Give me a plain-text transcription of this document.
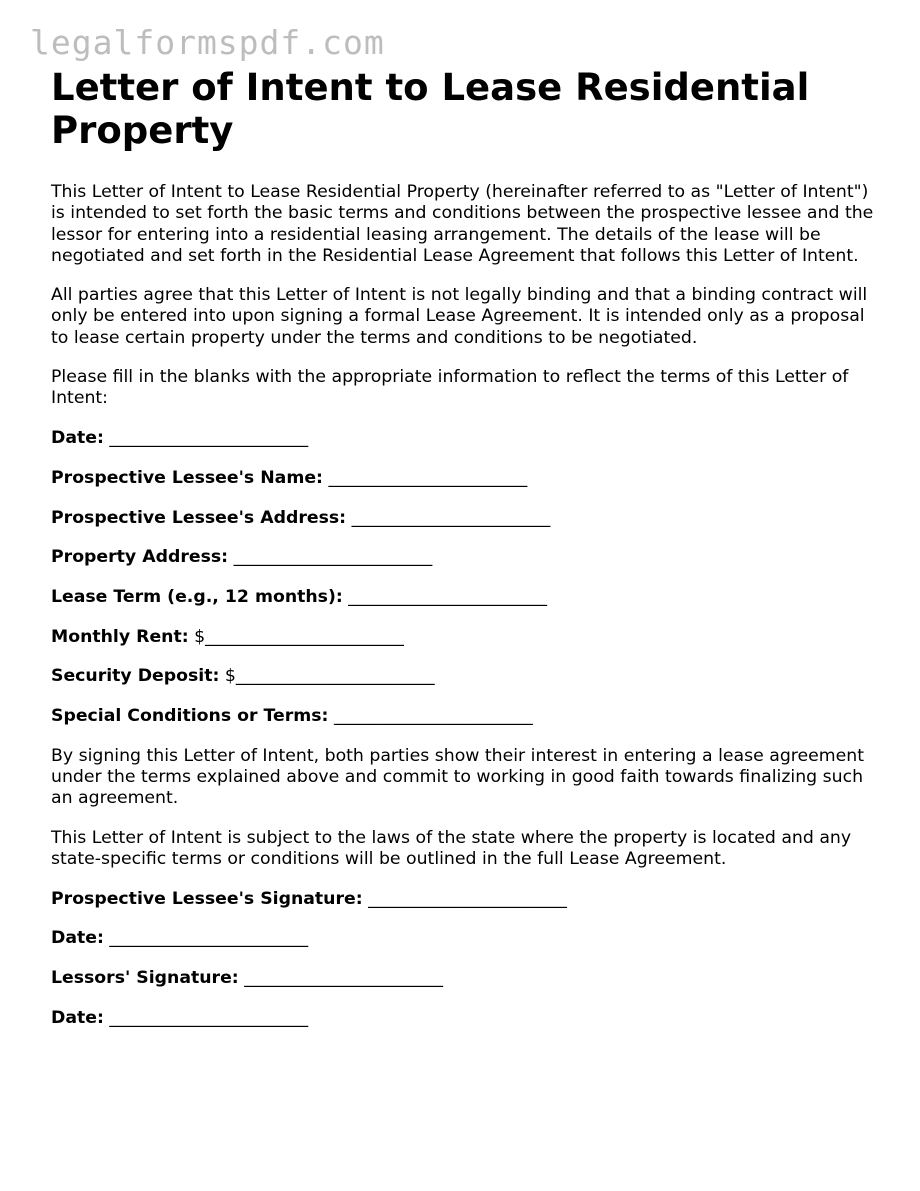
legalformspdf.com
Letter of Intent to Lease Residential Property

This Letter of Intent to Lease Residential Property (hereinafter referred to as "Letter of Intent") is intended to set forth the basic terms and conditions between the prospective lessee and the lessor for entering into a residential leasing arrangement. The details of the lease will be negotiated and set forth in the Residential Lease Agreement that follows this Letter of Intent.

All parties agree that this Letter of Intent is not legally binding and that a binding contract will only be entered into upon signing a formal Lease Agreement. It is intended only as a proposal to lease certain property under the terms and conditions to be negotiated.

Please fill in the blanks with the appropriate information to reflect the terms of this Letter of Intent:

Date: _______________________
Prospective Lessee's Name: _______________________
Prospective Lessee's Address: _______________________
Property Address: _______________________
Lease Term (e.g., 12 months): _______________________
Monthly Rent: $_______________________
Security Deposit: $_______________________
Special Conditions or Terms: _______________________

By signing this Letter of Intent, both parties show their interest in entering a lease agreement under the terms explained above and commit to working in good faith towards finalizing such an agreement.

This Letter of Intent is subject to the laws of the state where the property is located and any state-specific terms or conditions will be outlined in the full Lease Agreement.

Prospective Lessee's Signature: _______________________
Date: _______________________
Lessors' Signature: _______________________
Date: _______________________
